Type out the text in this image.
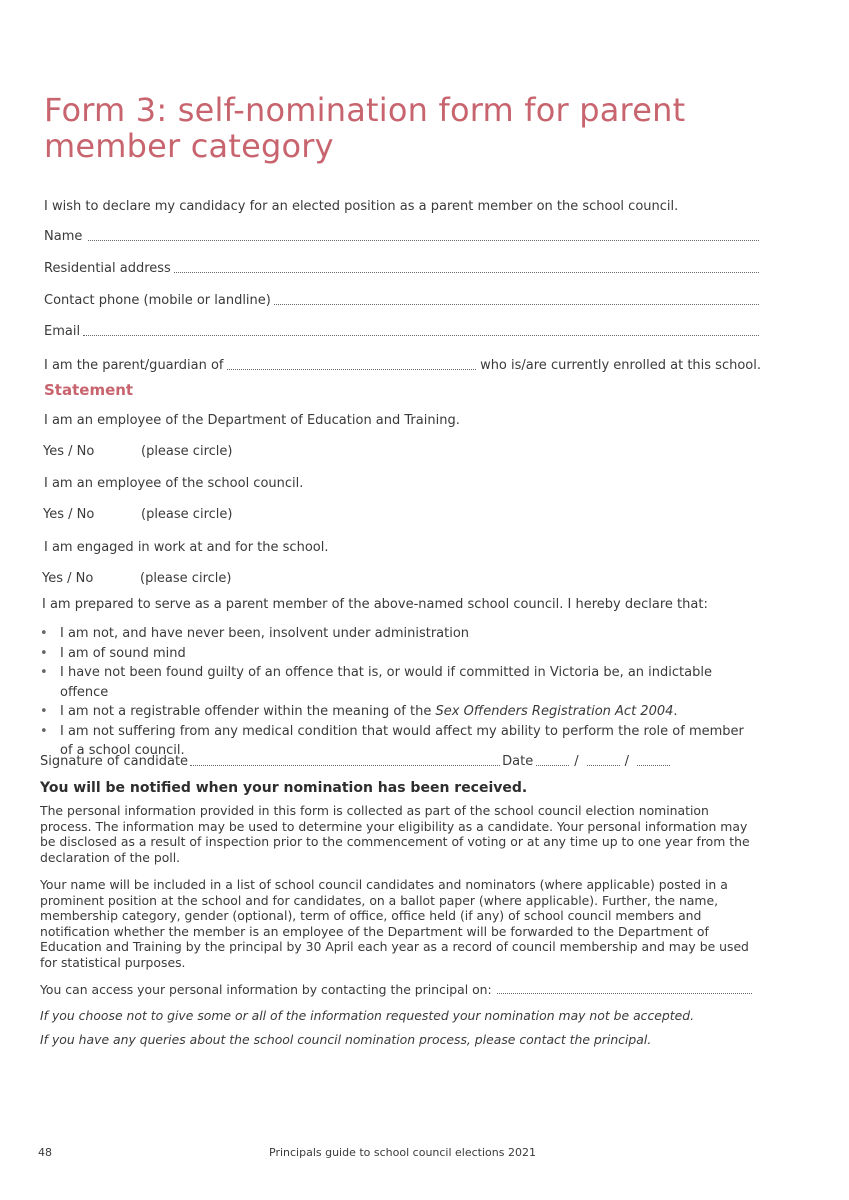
Form 3: self-nomination form for parent member category
I wish to declare my candidacy for an elected position as a parent member on the school council.
Name
Residential address
Contact phone (mobile or landline)
Email
I am the parent/guardian of	who is/are currently enrolled at this school.
Statement
I am an employee of the Department of Education and Training.
Yes / No	(please circle)
I am an employee of the school council.
Yes / No	(please circle)
I am engaged in work at and for the school.
Yes / No	(please circle)
I am prepared to serve as a parent member of the above-named school council. I hereby declare that:
• I am not, and have never been, insolvent under administration
• I am of sound mind
• I have not been found guilty of an offence that is, or would if committed in Victoria be, an indictable offence
• I am not a registrable offender within the meaning of the Sex Offenders Registration Act 2004.
• I am not suffering from any medical condition that would affect my ability to perform the role of member of a school council.
Signature of candidate	Date	/	/
You will be notified when your nomination has been received.

The personal information provided in this form is collected as part of the school council election nomination process. The information may be used to determine your eligibility as a candidate. Your personal information may be disclosed as a result of inspection prior to the commencement of voting or at any time up to one year from the declaration of the poll.

Your name will be included in a list of school council candidates and nominators (where applicable) posted in a prominent position at the school and for candidates, on a ballot paper (where applicable). Further, the name, membership category, gender (optional), term of office, office held (if any) of school council members and notification whether the member is an employee of the Department will be forwarded to the Department of Education and Training by the principal by 30 April each year as a record of council membership and may be used for statistical purposes.

You can access your personal information by contacting the principal on:

If you choose not to give some or all of the information requested your nomination may not be accepted.

If you have any queries about the school council nomination process, please contact the principal.

48	Principals guide to school council elections 2021
